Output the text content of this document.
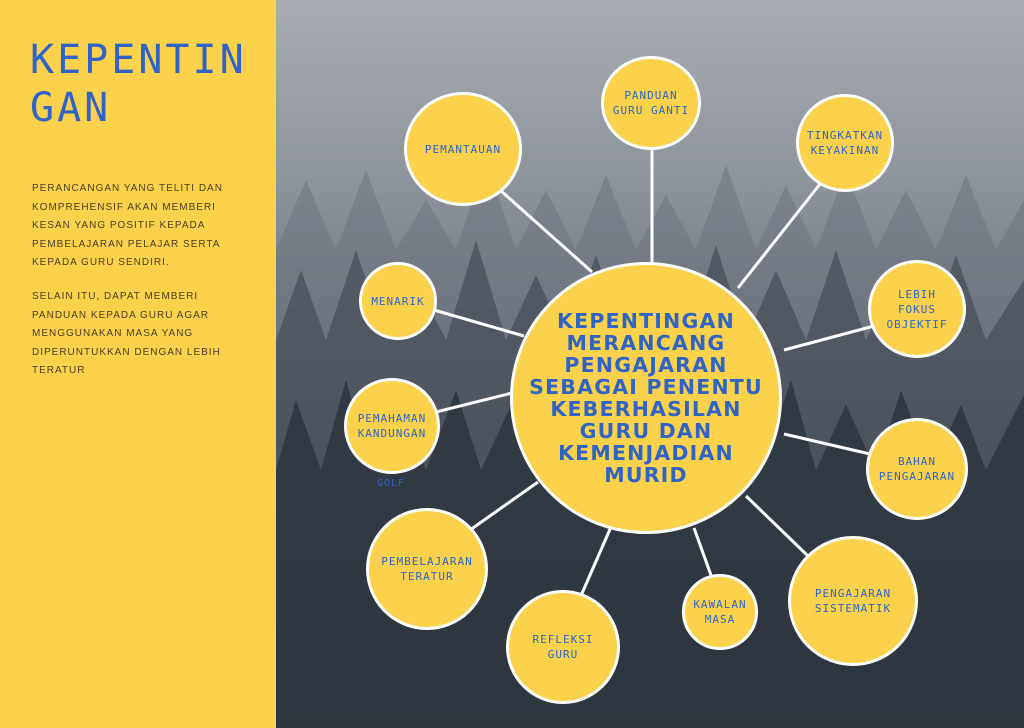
KEPENTINGAN
PERANCANGAN YANG TELITI DAN KOMPREHENSIF AKAN MEMBERI KESAN YANG POSITIF KEPADA PEMBELAJARAN PELAJAR SERTA KEPADA GURU SENDIRI.
SELAIN ITU, DAPAT MEMBERI PANDUAN KEPADA GURU AGAR MENGGUNAKAN MASA YANG DIPERUNTUKKAN DENGAN LEBIH TERATUR
PANDUAN GURU GANTI
PEMANTAUAN
TINGKATKAN KEYAKINAN
MENARIK
LEBIH FOKUS OBJEKTIF
PEMAHAMAN KANDUNGAN
BAHAN PENGAJARAN
PEMBELAJARAN TERATUR
REFLEKSI GURU
KAWALAN MASA
PENGAJARAN SISTEMATIK
KEPENTINGAN MERANCANG PENGAJARAN SEBAGAI PENENTU KEBERHASILAN GURU DAN KEMENJADIAN MURID
GOLF
